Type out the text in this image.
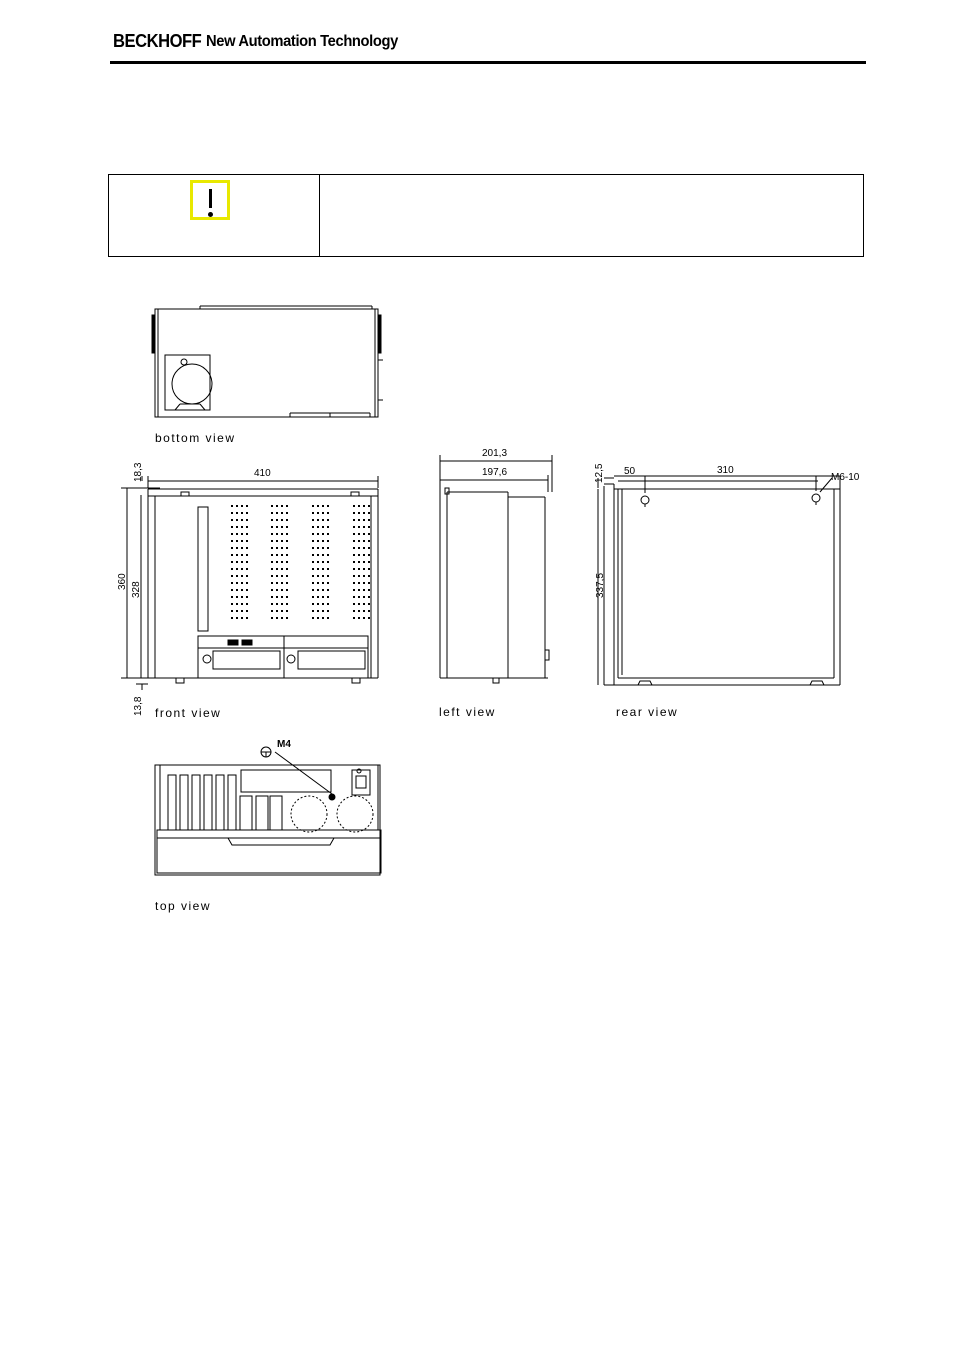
BECKHOFF New Automation Technology
bottom view
front view	left view	rear view
top view
410
18,3
360 328
13,8
201,3
197,6	12,5 50	310
337,5
M6-10
M4
